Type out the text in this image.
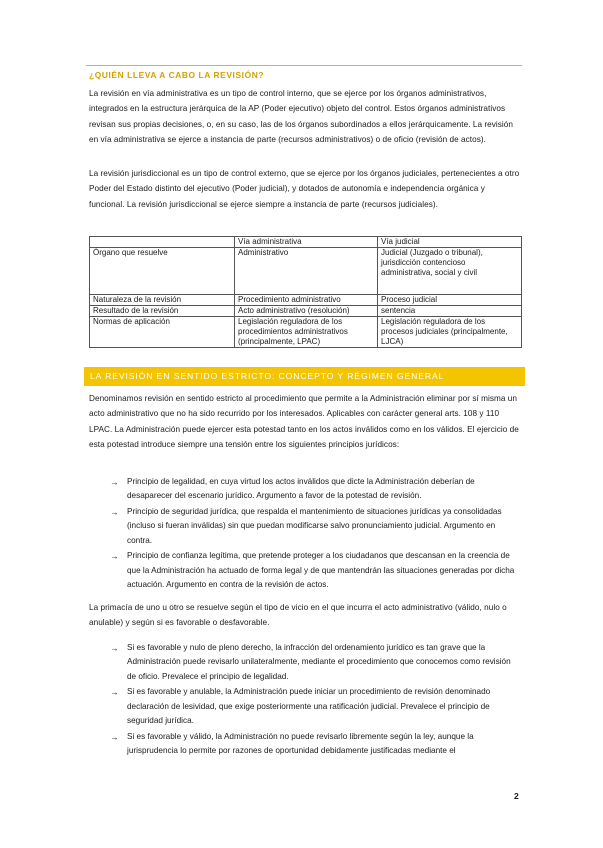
¿QUIÉN LLEVA A CABO LA REVISIÓN?

La revisión en vía administrativa es un tipo de control interno, que se ejerce por los órganos administrativos, integrados en la estructura jerárquica de la AP (Poder ejecutivo) objeto del control. Estos órganos administrativos revisan sus propias decisiones, o, en su caso, las de los órganos subordinados a ellos jerárquicamente. La revisión en vía administrativa se ejerce a instancia de parte (recursos administrativos) o de oficio (revisión de actos).

La revisión jurisdiccional es un tipo de control externo, que se ejerce por los órganos judiciales, pertenecientes a otro Poder del Estado distinto del ejecutivo (Poder judicial), y dotados de autonomía e independencia orgánica y funcional. La revisión jurisdiccional se ejerce siempre a instancia de parte (recursos judiciales).

	Vía administrativa	Vía judicial
Órgano que resuelve	Administrativo	Judicial (Juzgado o tribunal), jurisdicción contencioso administrativa, social y civil
Naturaleza de la revisión	Procedimiento administrativo	Proceso judicial
Resultado de la revisión	Acto administrativo (resolución)	sentencia
Normas de aplicación	Legislación reguladora de los procedimientos administrativos (principalmente, LPAC)	Legislación reguladora de los procesos judiciales (principalmente, LJCA)
LA REVISIÓN EN SENTIDO ESTRICTO: CONCEPTO Y RÉGIMEN GENERAL

Denominamos revisión en sentido estricto al procedimiento que permite a la Administración eliminar por sí misma un acto administrativo que no ha sido recurrido por los interesados. Aplicables con carácter general arts. 108 y 110 LPAC. La Administración puede ejercer esta potestad tanto en los actos inválidos como en los válidos. El ejercicio de esta potestad introduce siempre una tensión entre los siguientes principios jurídicos:

→ Principio de legalidad, en cuya virtud los actos inválidos que dicte la Administración deberían de desaparecer del escenario jurídico. Argumento a favor de la potestad de revisión.
→ Principio de seguridad jurídica, que respalda el mantenimiento de situaciones jurídicas ya consolidadas (incluso si fueran inválidas) sin que puedan modificarse salvo pronunciamiento judicial. Argumento en contra.
→ Principio de confianza legítima, que pretende proteger a los ciudadanos que descansan en la creencia de que la Administración ha actuado de forma legal y de que mantendrán las situaciones generadas por dicha actuación. Argumento en contra de la revisión de actos.

La primacía de uno u otro se resuelve según el tipo de vicio en el que incurra el acto administrativo (válido, nulo o anulable) y según si es favorable o desfavorable.

→ Si es favorable y nulo de pleno derecho, la infracción del ordenamiento jurídico es tan grave que la Administración puede revisarlo unilateralmente, mediante el procedimiento que conocemos como revisión de oficio. Prevalece el principio de legalidad.
→ Si es favorable y anulable, la Administración puede iniciar un procedimiento de revisión denominado declaración de lesividad, que exige posteriormente una ratificación judicial. Prevalece el principio de seguridad jurídica.
→ Si es favorable y válido, la Administración no puede revisarlo libremente según la ley, aunque la jurisprudencia lo permite por razones de oportunidad debidamente justificadas mediante el
2
